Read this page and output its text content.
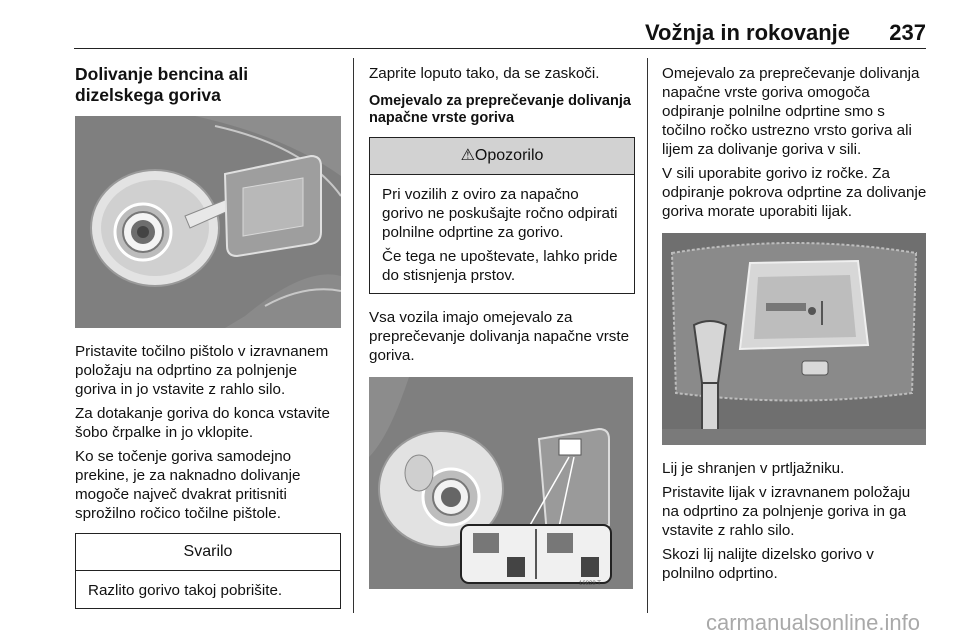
Vožnja in rokovanje 237
Dolivanje bencina ali dizelskega goriva

Pristavite točilno pištolo v izravnanem položaju na odprtino za polnjenje goriva in jo vstavite z rahlo silo.

Za dotakanje goriva do konca vstavite šobo črpalke in jo vklopite.

Ko se točenje goriva samodejno prekine, je za naknadno dolivanje mogoče največ dvakrat pritisniti sprožilno ročico točilne pištole.

Svarilo
Razlito gorivo takoj pobrišite.

Zaprite loputo tako, da se zaskoči.

Omejevalo za preprečevanje dolivanja napačne vrste goriva
⚠Opozorilo

Pri vozilih z oviro za napačno gorivo ne poskušajte ročno odpirati polnilne odprtine za gorivo.

Če tega ne upoštevate, lahko pride do stisnjenja prstov.

Vsa vozila imajo omejevalo za preprečevanje dolivanja napačne vrste goriva.

16828 T

Omejevalo za preprečevanje dolivanja napačne vrste goriva omogoča odpiranje polnilne odprtine smo s točilno ročko ustrezno vrsto goriva ali lijem za dolivanje goriva v sili.

V sili uporabite gorivo iz ročke. Za odpiranje pokrova odprtine za dolivanje goriva morate uporabiti lijak.

Lij je shranjen v prtljažniku.

Pristavite lijak v izravnanem položaju na odprtino za polnjenje goriva in ga vstavite z rahlo silo.

Skozi lij nalijte dizelsko gorivo v polnilno odprtino.

carmanualsonline.info
